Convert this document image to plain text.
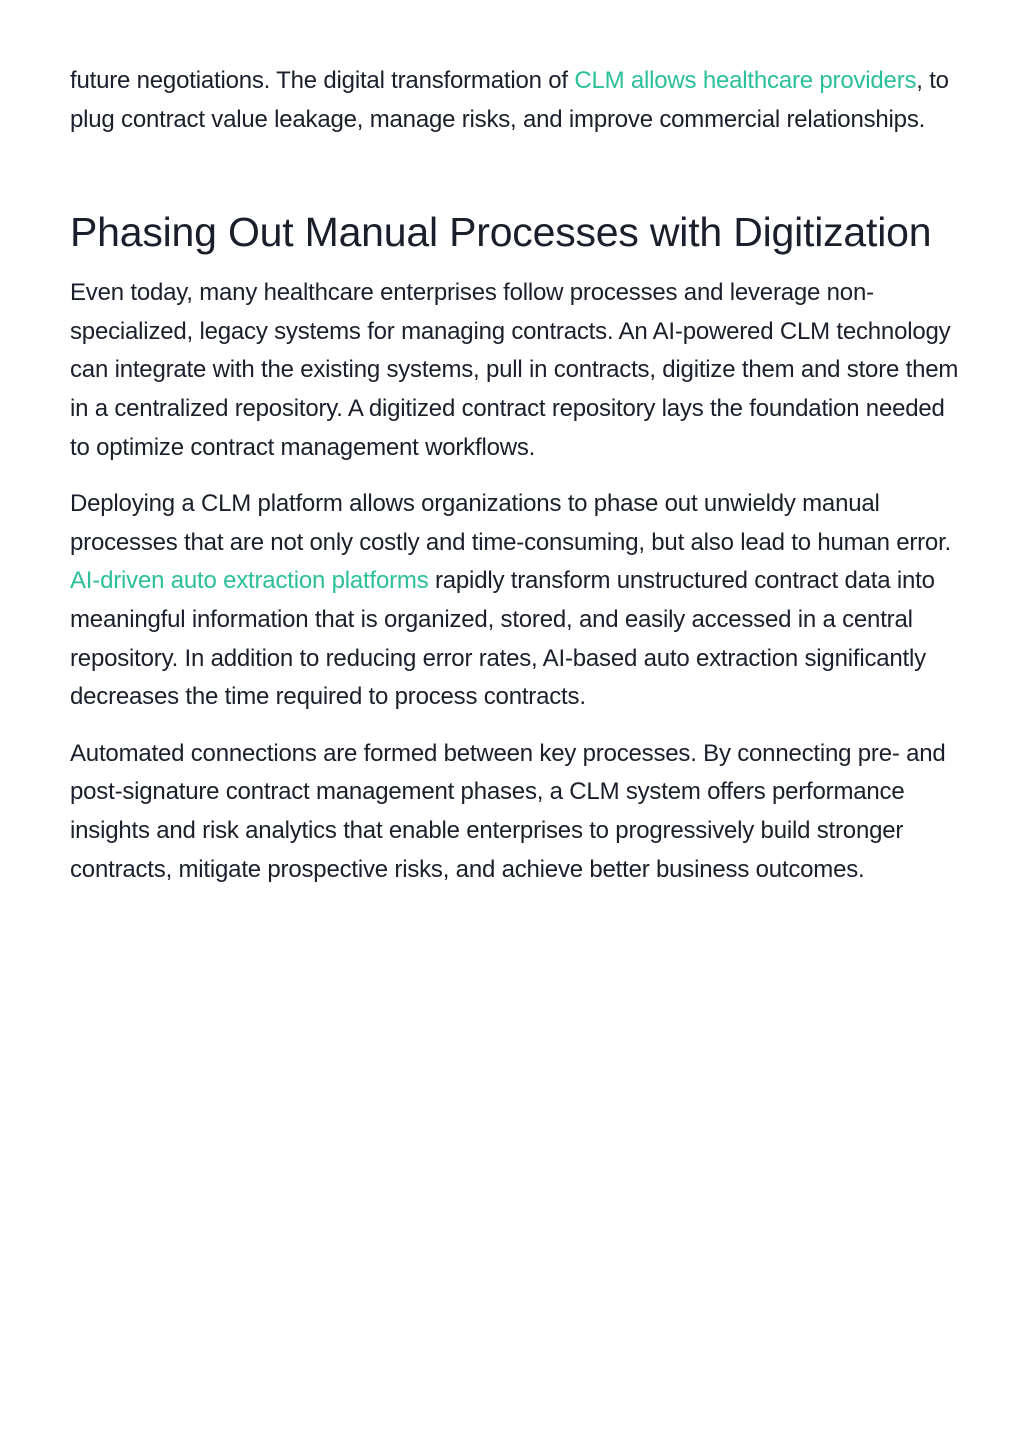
future negotiations. The digital transformation of CLM allows healthcare providers, to plug contract value leakage, manage risks, and improve commercial relationships.

Phasing Out Manual Processes with Digitization

Even today, many healthcare enterprises follow processes and leverage non-specialized, legacy systems for managing contracts. An AI-powered CLM technology can integrate with the existing systems, pull in contracts, digitize them and store them in a centralized repository. A digitized contract repository lays the foundation needed to optimize contract management workflows.

Deploying a CLM platform allows organizations to phase out unwieldy manual processes that are not only costly and time-consuming, but also lead to human error. AI-driven auto extraction platforms rapidly transform unstructured contract data into meaningful information that is organized, stored, and easily accessed in a central repository. In addition to reducing error rates, AI-based auto extraction significantly decreases the time required to process contracts.

Automated connections are formed between key processes. By connecting pre- and post-signature contract management phases, a CLM system offers performance insights and risk analytics that enable enterprises to progressively build stronger contracts, mitigate prospective risks, and achieve better business outcomes.
